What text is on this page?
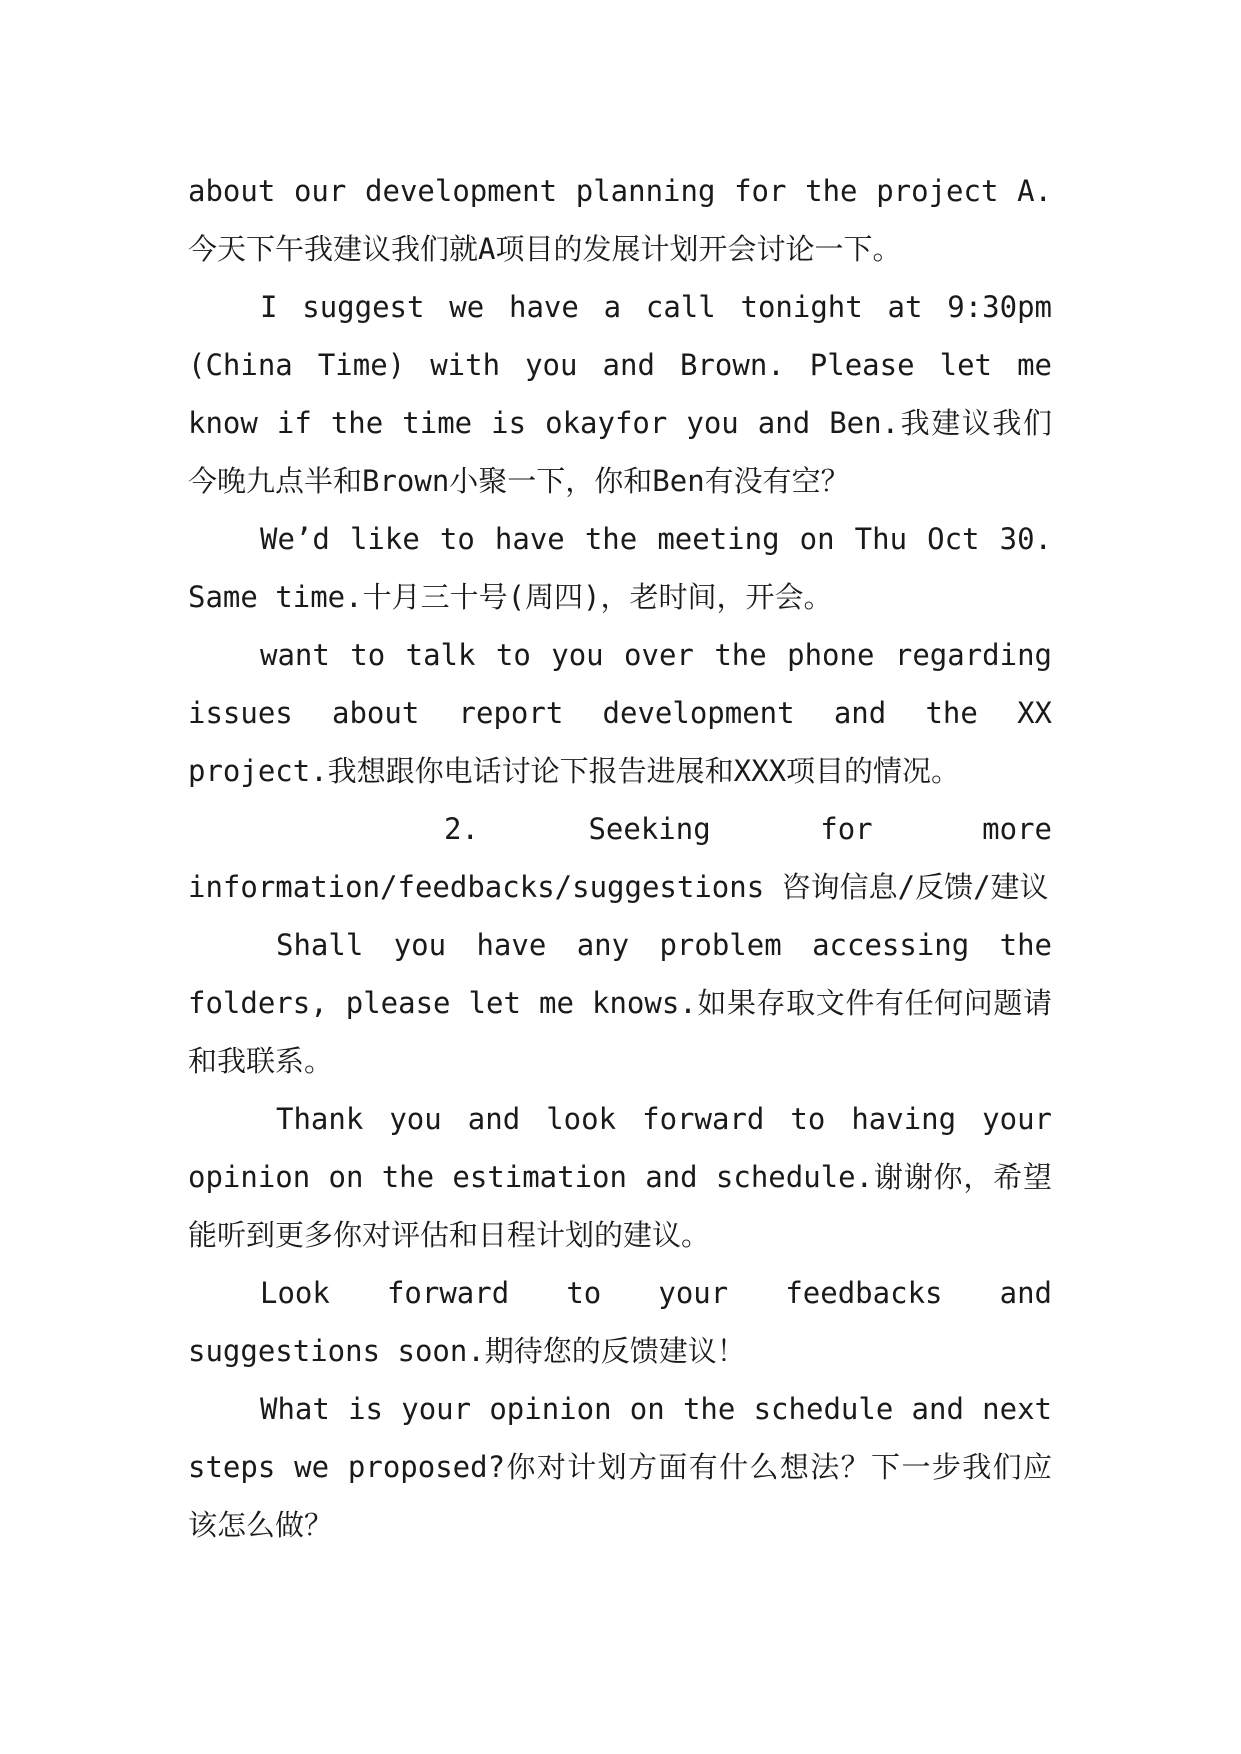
about our development planning for the project A.今天下午我建议我们就A项目的发展计划开会讨论一下。

I suggest we have a call tonight at 9:30pm (China Time) with you and Brown. Please let me know if the time is okayfor you and Ben.我建议我们今晚九点半和Brown小聚一下，你和Ben有没有空？

We’d like to have the meeting on Thu Oct 30. Same time.十月三十号(周四)，老时间，开会。

want to talk to you over the phone regarding issues about report development and the XX project.我想跟你电话讨论下报告进展和XXX项目的情况。

2. Seeking for more information/feedbacks/suggestions 咨询信息/反馈/建议

Shall you have any problem accessing the folders, please let me knows.如果存取文件有任何问题请和我联系。

Thank you and look forward to having your opinion on the estimation and schedule.谢谢你，希望能听到更多你对评估和日程计划的建议。

Look forward to your feedbacks and suggestions soon.期待您的反馈建议！

What is your opinion on the schedule and next steps we proposed?你对计划方面有什么想法？下一步我们应该怎么做？
